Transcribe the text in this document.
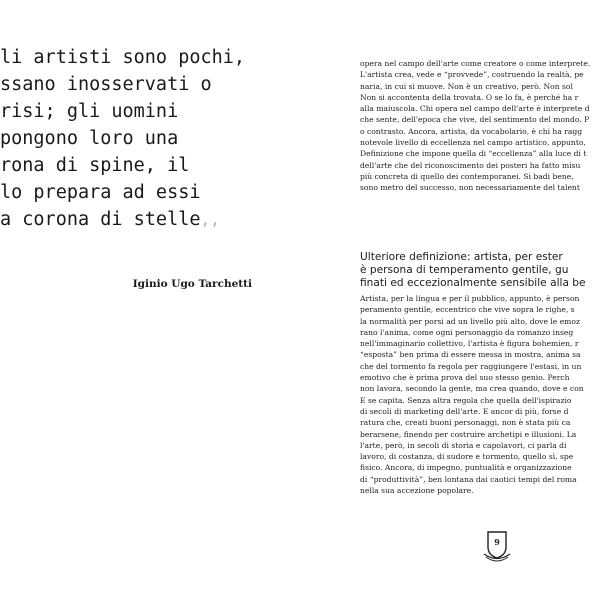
li artisti sono pochi,
ssano inosservati o
risi; gli uomini
pongono loro una
rona di spine, il
lo prepara ad essi
a corona di stelle,,
Iginio Ugo Tarchetti
opera nel campo dell'arte come creatore o come interprete.
L'artista crea, vede e “provvede”, costruendo la realtà, pe
naria, in cui si muove. Non è un creativo, però. Non sol
Non si accontenta della trovata. O se lo fa, è perché ha r
alla maiuscola. Chi opera nel campo dell'arte è interprete d
che sente, dell'epoca che vive, del sentimento del mondo. P
o contrasto. Ancora, artista, da vocabolario, è chi ha ragg
notevole livello di eccellenza nel campo artistico, appunto,
Definizione che impone quella di “eccellenza” alla luce di t
dell'arte che del riconoscimento dei posteri ha fatto misu
più concreta di quello dei contemporanei. Si badi bene,
sono metro del successo, non necessariamente del talent
Ulteriore definizione: artista, per ester
è persona di temperamento gentile, gu
finati ed eccezionalmente sensibile alla be
Artista, per la lingua e per il pubblico, appunto, è person
peramento gentile, eccentrico che vive sopra le righe, s
la normalità per porsi ad un livello più alto, dove le emoz
rano l'anima, come ogni personaggio da romanzo inseg
nell'immaginario collettivo, l'artista è figura bohemien, r
“esposta” ben prima di essere messa in mostra, anima sa
che del tormento fa regola per raggiungere l'estasi, in un
emotivo che è prima prova del suo stesso genio. Perch
non lavora, secondo la gente, ma crea quando, dove e con
E se capita. Senza altra regola che quella dell'ispirazio
di secoli di marketing dell'arte. E ancor di più, forse d
ratura che, creati buoni personaggi, non è stata più ca
berarsene, finendo per costruire archetipi e illusioni. La
l'arte, però, in secoli di storia e capolavori, ci parla di
lavoro, di costanza, di sudore e tormento, quello sì, spe
fisico. Ancora, di impegno, puntualità e organizzazione
di “produttività”, ben lontana dai caotici tempi del roma
nella sua accezione popolare.
9
